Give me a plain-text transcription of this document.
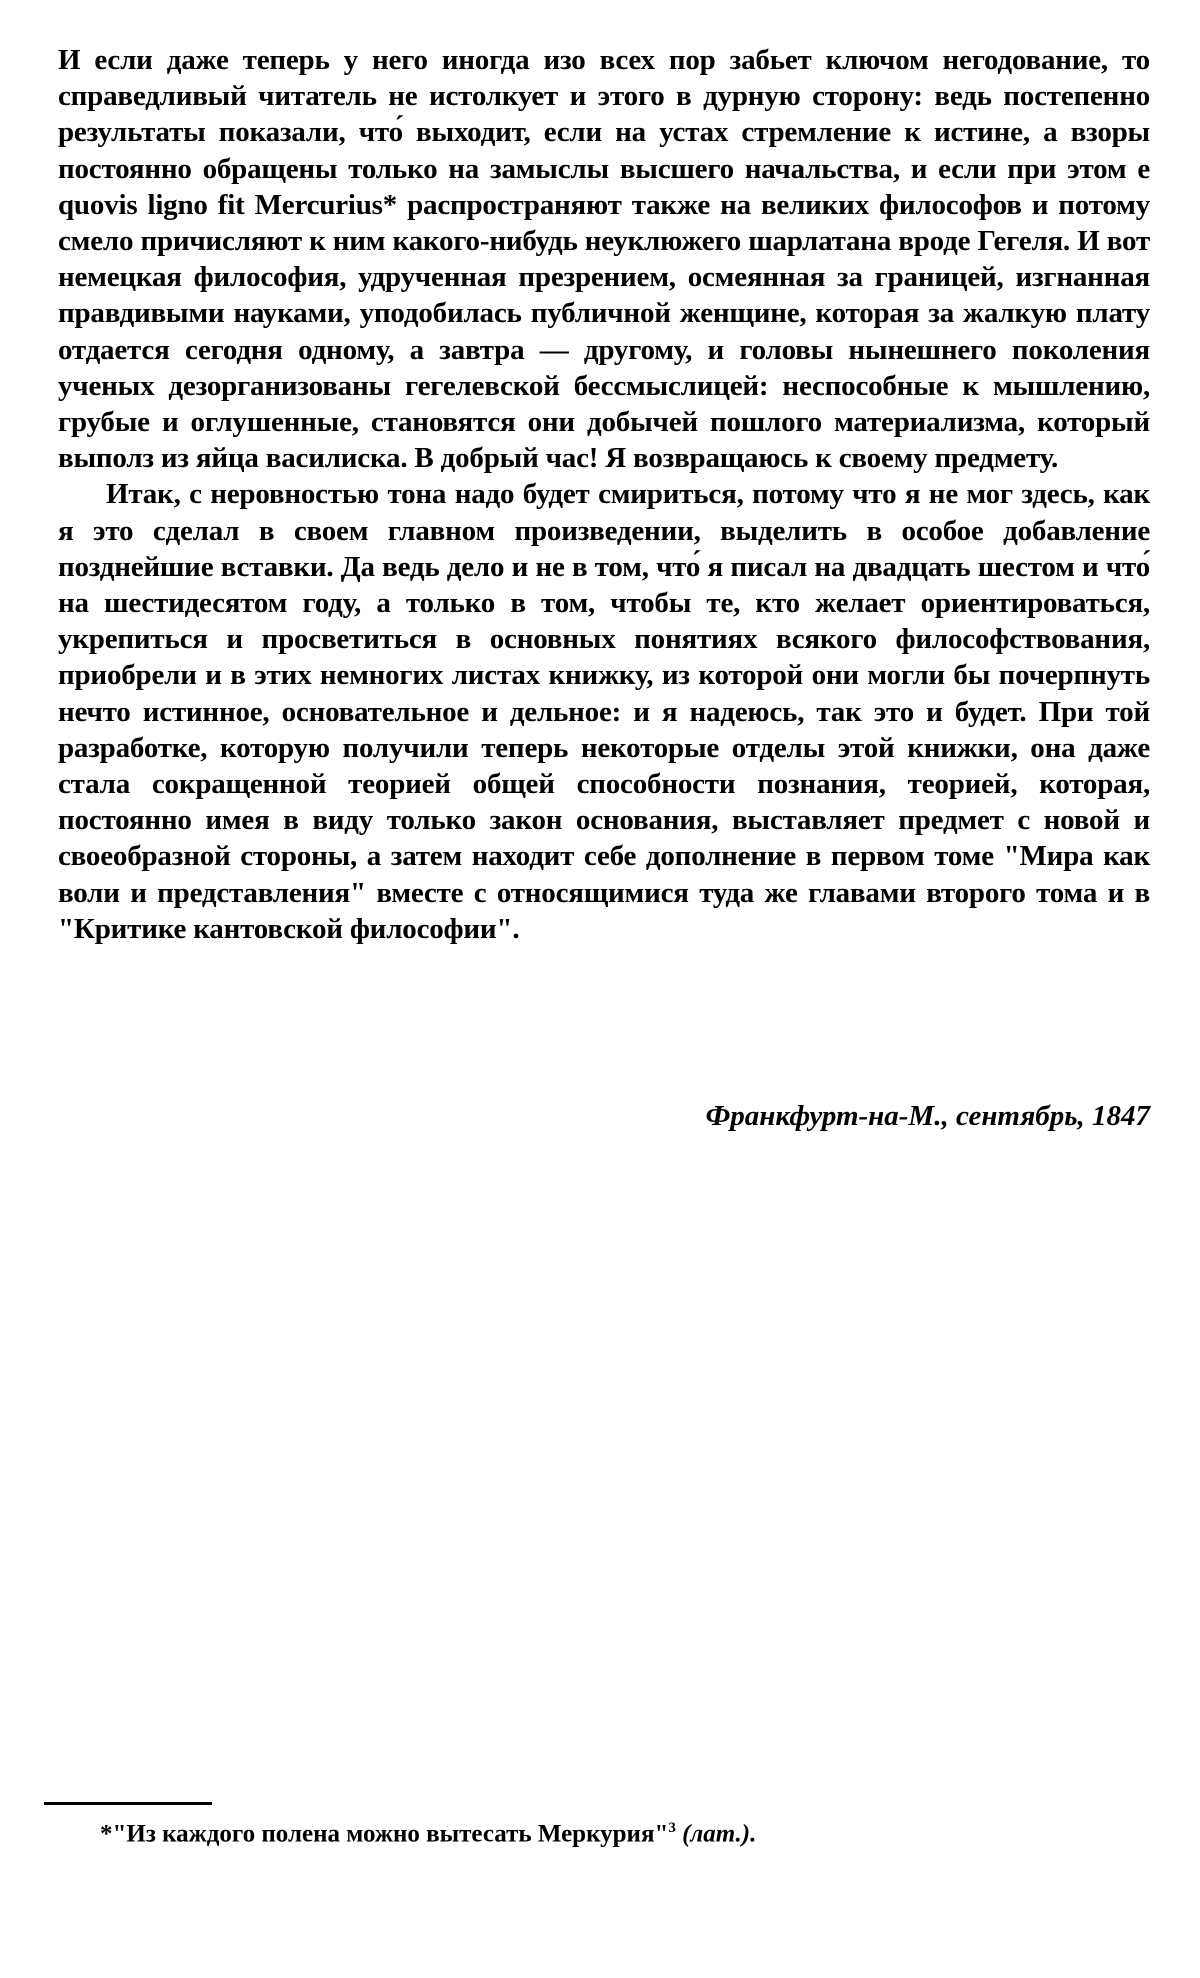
И если даже теперь у него иногда изо всех пор забьет ключом негодование, то справедливый читатель не истолкует и этого в дурную сторону: ведь постепенно результаты показали, что́ выходит, если на устах стремление к истине, а взоры постоянно обращены только на замыслы высшего начальства, и если при этом e quovis ligno fit Mercurius* распространяют также на великих философов и потому смело причисляют к ним какого-нибудь неуклюжего шарлатана вроде Гегеля. И вот немецкая философия, удрученная презрением, осмеянная за границей, изгнанная правдивыми науками, уподобилась публичной женщине, которая за жалкую плату отдается сегодня одному, а завтра — другому, и головы нынешнего поколения ученых дезорганизованы гегелевской бессмыслицей: неспособные к мышлению, грубые и оглушенные, становятся они добычей пошлого материализма, который выполз из яйца василиска. В добрый час! Я возвращаюсь к своему предмету.

Итак, с неровностью тона надо будет смириться, потому что я не мог здесь, как я это сделал в своем главном произведении, выделить в особое добавление позднейшие вставки. Да ведь дело и не в том, что́ я писал на двадцать шестом и что́ на шестидесятом году, а только в том, чтобы те, кто желает ориентироваться, укрепиться и просветиться в основных понятиях всякого философствования, приобрели и в этих немногих листах книжку, из которой они могли бы почерпнуть нечто истинное, основательное и дельное: и я надеюсь, так это и будет. При той разработке, которую получили теперь некоторые отделы этой книжки, она даже стала сокращенной теорией общей способности познания, теорией, которая, постоянно имея в виду только закон основания, выставляет предмет с новой и своеобразной стороны, а затем находит себе дополнение в первом томе "Мира как воли и представления" вместе с относящимися туда же главами второго тома и в "Критике кантовской философии".

Франкфурт-на-М., сентябрь, 1847
*"Из каждого полена можно вытесать Меркурия"$^3$ (лат.).
